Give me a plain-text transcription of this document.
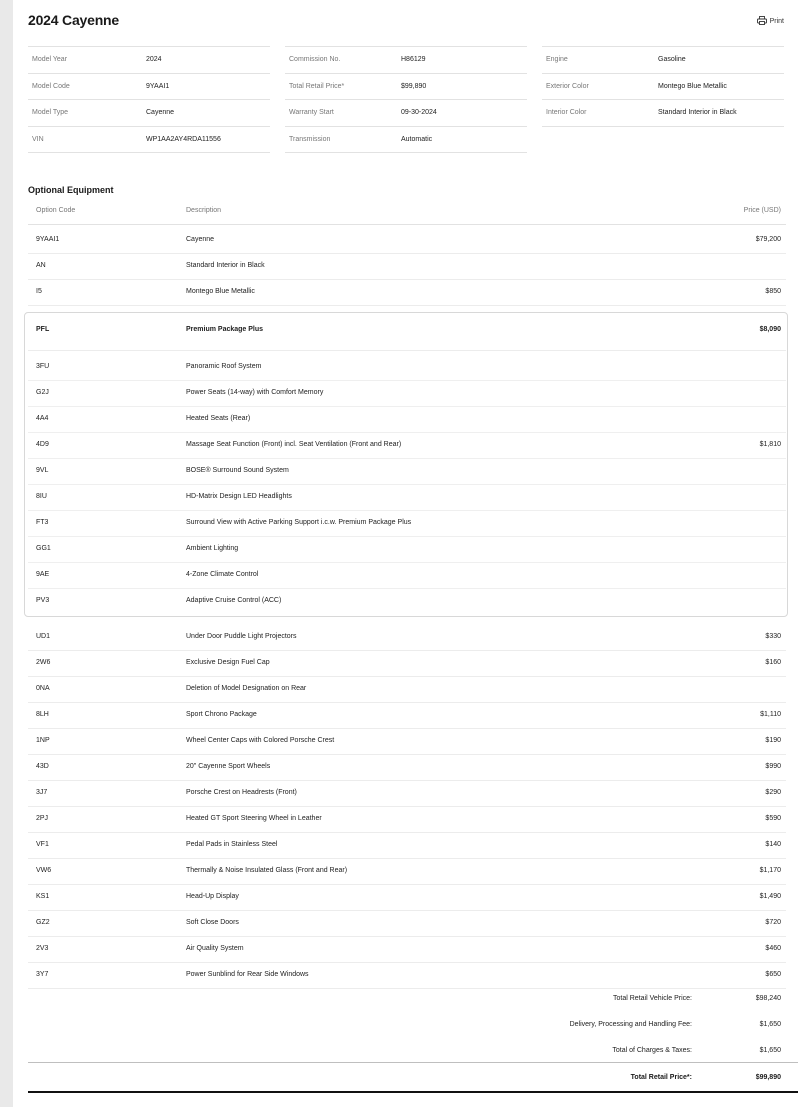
2024 Cayenne	Print
Model Year	2024
Model Code	9YAAI1
Model Type	Cayenne
VIN	WP1AA2AY4RDA11556
Commission No.	H86129
Total Retail Price*	$99,890
Warranty Start	09-30-2024
Transmission	Automatic
Engine	Gasoline
Exterior Color	Montego Blue Metallic
Interior Color	Standard Interior in Black
Optional Equipment
Option Code	Description	Price (USD)
9YAAI1	Cayenne	$79,200
AN	Standard Interior in Black
I5	Montego Blue Metallic	$850
PFL	Premium Package Plus	$8,090
3FU	Panoramic Roof System
G2J	Power Seats (14-way) with Comfort Memory
4A4	Heated Seats (Rear)
4D9	Massage Seat Function (Front) incl. Seat Ventilation (Front and Rear)	$1,810
9VL	BOSE® Surround Sound System
8IU	HD-Matrix Design LED Headlights
FT3	Surround View with Active Parking Support i.c.w. Premium Package Plus
GG1	Ambient Lighting
9AE	4-Zone Climate Control
PV3	Adaptive Cruise Control (ACC)
UD1	Under Door Puddle Light Projectors	$330
2W6	Exclusive Design Fuel Cap	$160
0NA	Deletion of Model Designation on Rear
8LH	Sport Chrono Package	$1,110
1NP	Wheel Center Caps with Colored Porsche Crest	$190
43D	20" Cayenne Sport Wheels	$990
3J7	Porsche Crest on Headrests (Front)	$290
2PJ	Heated GT Sport Steering Wheel in Leather	$590
VF1	Pedal Pads in Stainless Steel	$140
VW6	Thermally & Noise Insulated Glass (Front and Rear)	$1,170
KS1	Head-Up Display	$1,490
GZ2	Soft Close Doors	$720
2V3	Air Quality System	$460
3Y7	Power Sunblind for Rear Side Windows	$650
Total Retail Vehicle Price:	$98,240
Delivery, Processing and Handling Fee:	$1,650
Total of Charges & Taxes:	$1,650
Total Retail Price*:	$99,890
